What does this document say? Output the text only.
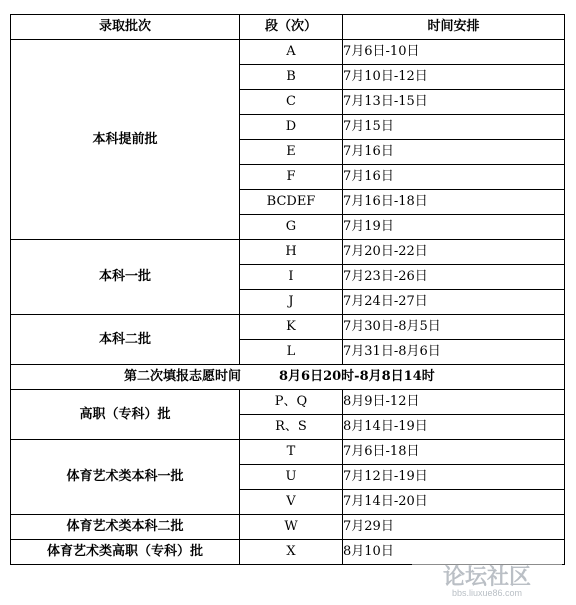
录取批次	段（次）	时间安排
本科提前批	A	7月6日-10日
	B	7月10日-12日
	C	7月13日-15日
	D	7月15日
	E	7月16日
	F	7月16日
	BCDEF	7月16日-18日
	G	7月19日
本科一批	H	7月20日-22日
	I	7月23日-26日
	J	7月24日-27日
本科二批	K	7月30日-8月5日
	L	7月31日-8月6日
第二次填报志愿时间 8月6日20时-8月8日14时		
高职（专科）批	P、Q	8月9日-12日
	R、S	8月14日-19日
体育艺术类本科一批	T	7月6日-18日
	U	7月12日-19日
	V	7月14日-20日
体育艺术类本科二批	W	7月29日
体育艺术类高职（专科）批	X	8月10日
论坛社区
bbs.liuxue86.com
